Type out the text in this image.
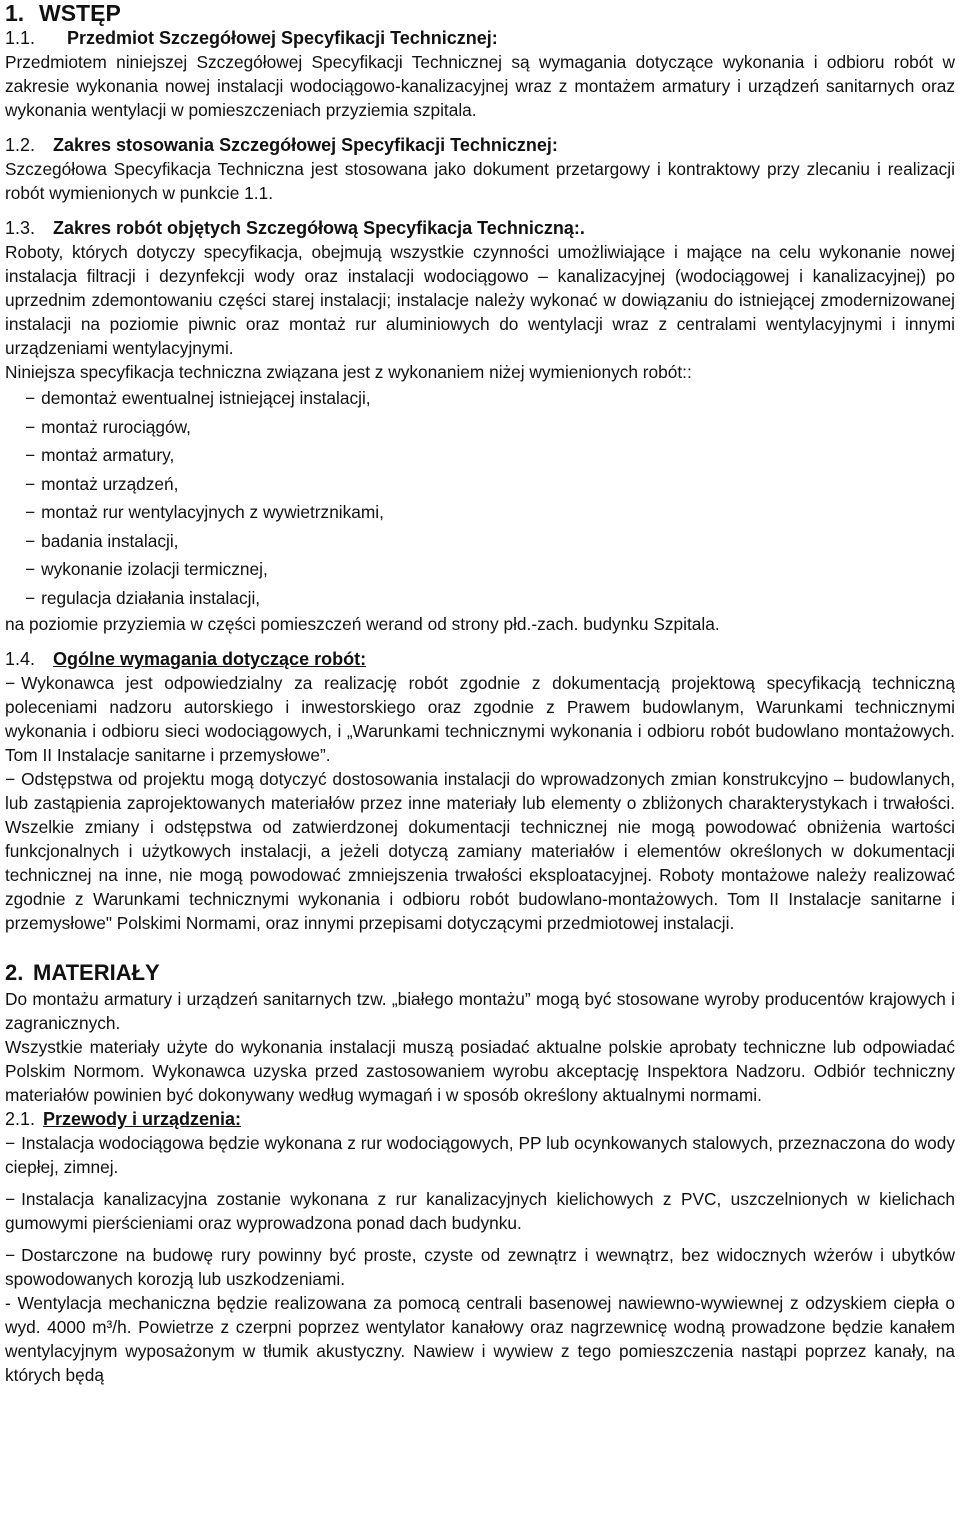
1. WSTĘP
1.1. Przedmiot Szczegółowej Specyfikacji Technicznej:

Przedmiotem niniejszej Szczegółowej Specyfikacji Technicznej są wymagania dotyczące wykonania i odbioru robót w zakresie wykonania nowej instalacji wodociągowo-kanalizacyjnej wraz z montażem armatury i urządzeń sanitarnych oraz wykonania wentylacji w pomieszczeniach przyziemia szpitala.

1.2. Zakres stosowania Szczegółowej Specyfikacji Technicznej:

Szczegółowa Specyfikacja Techniczna jest stosowana jako dokument przetargowy i kontraktowy przy zlecaniu i realizacji robót wymienionych w punkcie 1.1.

1.3. Zakres robót objętych Szczegółową Specyfikacja Techniczną:.

Roboty, których dotyczy specyfikacja, obejmują wszystkie czynności umożliwiające i mające na celu wykonanie nowej instalacja filtracji i dezynfekcji wody oraz instalacji wodociągowo – kanalizacyjnej (wodociągowej i kanalizacyjnej) po uprzednim zdemontowaniu części starej instalacji; instalacje należy wykonać w dowiązaniu do istniejącej zmodernizowanej instalacji na poziomie piwnic oraz montaż rur aluminiowych do wentylacji wraz z centralami wentylacyjnymi i innymi urządzeniami wentylacyjnymi.

Niniejsza specyfikacja techniczna związana jest z wykonaniem niżej wymienionych robót::

− demontaż ewentualnej istniejącej instalacji,
− montaż rurociągów,
− montaż armatury,
− montaż urządzeń,
− montaż rur wentylacyjnych z wywietrznikami,
− badania instalacji,
− wykonanie izolacji termicznej,
− regulacja działania instalacji,

na poziomie przyziemia w części pomieszczeń werand od strony płd.-zach. budynku Szpitala.

1.4. Ogólne wymagania dotyczące robót:

− Wykonawca jest odpowiedzialny za realizację robót zgodnie z dokumentacją projektową specyfikacją techniczną poleceniami nadzoru autorskiego i inwestorskiego oraz zgodnie z Prawem budowlanym, Warunkami technicznymi wykonania i odbioru sieci wodociągowych, i „Warunkami technicznymi wykonania i odbioru robót budowlano montażowych. Tom II Instalacje sanitarne i przemysłowe”.

− Odstępstwa od projektu mogą dotyczyć dostosowania instalacji do wprowadzonych zmian konstrukcyjno – budowlanych, lub zastąpienia zaprojektowanych materiałów przez inne materiały lub elementy o zbliżonych charakterystykach i trwałości. Wszelkie zmiany i odstępstwa od zatwierdzonej dokumentacji technicznej nie mogą powodować obniżenia wartości funkcjonalnych i użytkowych instalacji, a jeżeli dotyczą zamiany materiałów i elementów określonych w dokumentacji technicznej na inne, nie mogą powodować zmniejszenia trwałości eksploatacyjnej. Roboty montażowe należy realizować zgodnie z Warunkami technicznymi wykonania i odbioru robót budowlano-montażowych. Tom II Instalacje sanitarne i przemysłowe" Polskimi Normami, oraz innymi przepisami dotyczącymi przedmiotowej instalacji.

2. MATERIAŁY

Do montażu armatury i urządzeń sanitarnych tzw. „białego montażu” mogą być stosowane wyroby producentów krajowych i zagranicznych.

Wszystkie materiały użyte do wykonania instalacji muszą posiadać aktualne polskie aprobaty techniczne lub odpowiadać Polskim Normom. Wykonawca uzyska przed zastosowaniem wyrobu akceptację Inspektora Nadzoru. Odbiór techniczny materiałów powinien być dokonywany według wymagań i w sposób określony aktualnymi normami.

2.1. Przewody i urządzenia:

− Instalacja wodociągowa będzie wykonana z rur wodociągowych, PP lub ocynkowanych stalowych, przeznaczona do wody ciepłej, zimnej.

− Instalacja kanalizacyjna zostanie wykonana z rur kanalizacyjnych kielichowych z PVC, uszczelnionych w kielichach gumowymi pierścieniami oraz wyprowadzona ponad dach budynku.

− Dostarczone na budowę rury powinny być proste, czyste od zewnątrz i wewnątrz, bez widocznych wżerów i ubytków spowodowanych korozją lub uszkodzeniami.

- Wentylacja mechaniczna będzie realizowana za pomocą centrali basenowej nawiewno-wywiewnej z odzyskiem ciepła o wyd. 4000 m³/h. Powietrze z czerpni poprzez wentylator kanałowy oraz nagrzewnicę wodną prowadzone będzie kanałem wentylacyjnym wyposażonym w tłumik akustyczny. Nawiew i wywiew z tego pomieszczenia nastąpi poprzez kanały, na których będą
